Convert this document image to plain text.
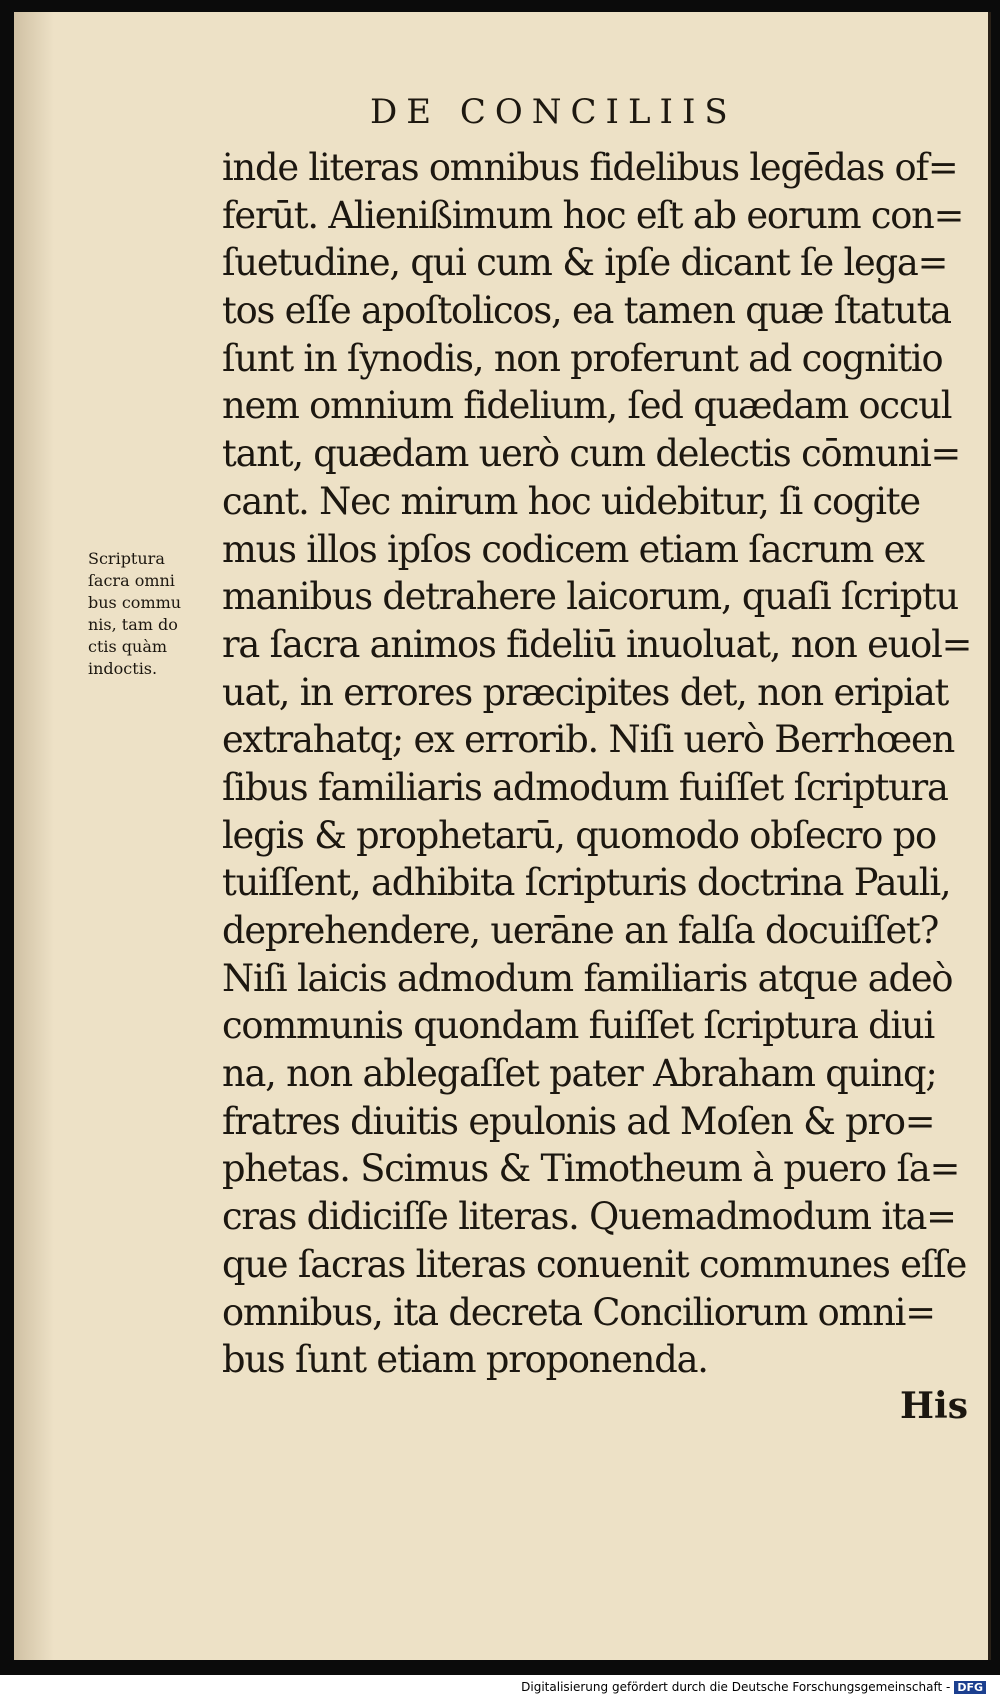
DE CONCILIIS
Scriptura
ſacra omni
bus commu
nis, tam do
ctis quàm
indoctis.
inde literas omnibus fidelibus legēdas of=
ferūt. Alienißimum hoc eſt ab eorum con=
ſuetudine, qui cum & ipſe dicant ſe lega=
tos eſſe apoſtolicos, ea tamen quæ ſtatuta
ſunt in ſynodis, non proferunt ad cognitio
nem omnium fidelium, ſed quædam occul
tant, quædam uerò cum delectis cōmuni=
cant. Nec mirum hoc uidebitur, ſi cogite
mus illos ipſos codicem etiam ſacrum ex
manibus detrahere laicorum, quaſi ſcriptu
ra ſacra animos fideliū inuoluat, non euol=
uat, in errores præcipites det, non eripiat
extrahatq; ex errorib. Niſi uerò Berrhœen
ſibus familiaris admodum fuiſſet ſcriptura
legis & prophetarū, quomodo obſecro po
tuiſſent, adhibita ſcripturis doctrina Pauli,
deprehendere, uerāne an falſa docuiſſet?
Niſi laicis admodum familiaris atque adeò
communis quondam fuiſſet ſcriptura diui
na, non ablegaſſet pater Abraham quinq;
fratres diuitis epulonis ad Moſen & pro=
phetas. Scimus & Timotheum à puero ſa=
cras didiciſſe literas. Quemadmodum ita=
que ſacras literas conuenit communes eſſe
omnibus, ita decreta Conciliorum omni=
bus ſunt etiam proponenda.
His
Digitalisierung gefördert durch die Deutsche Forschungsgemeinschaft - DFG
